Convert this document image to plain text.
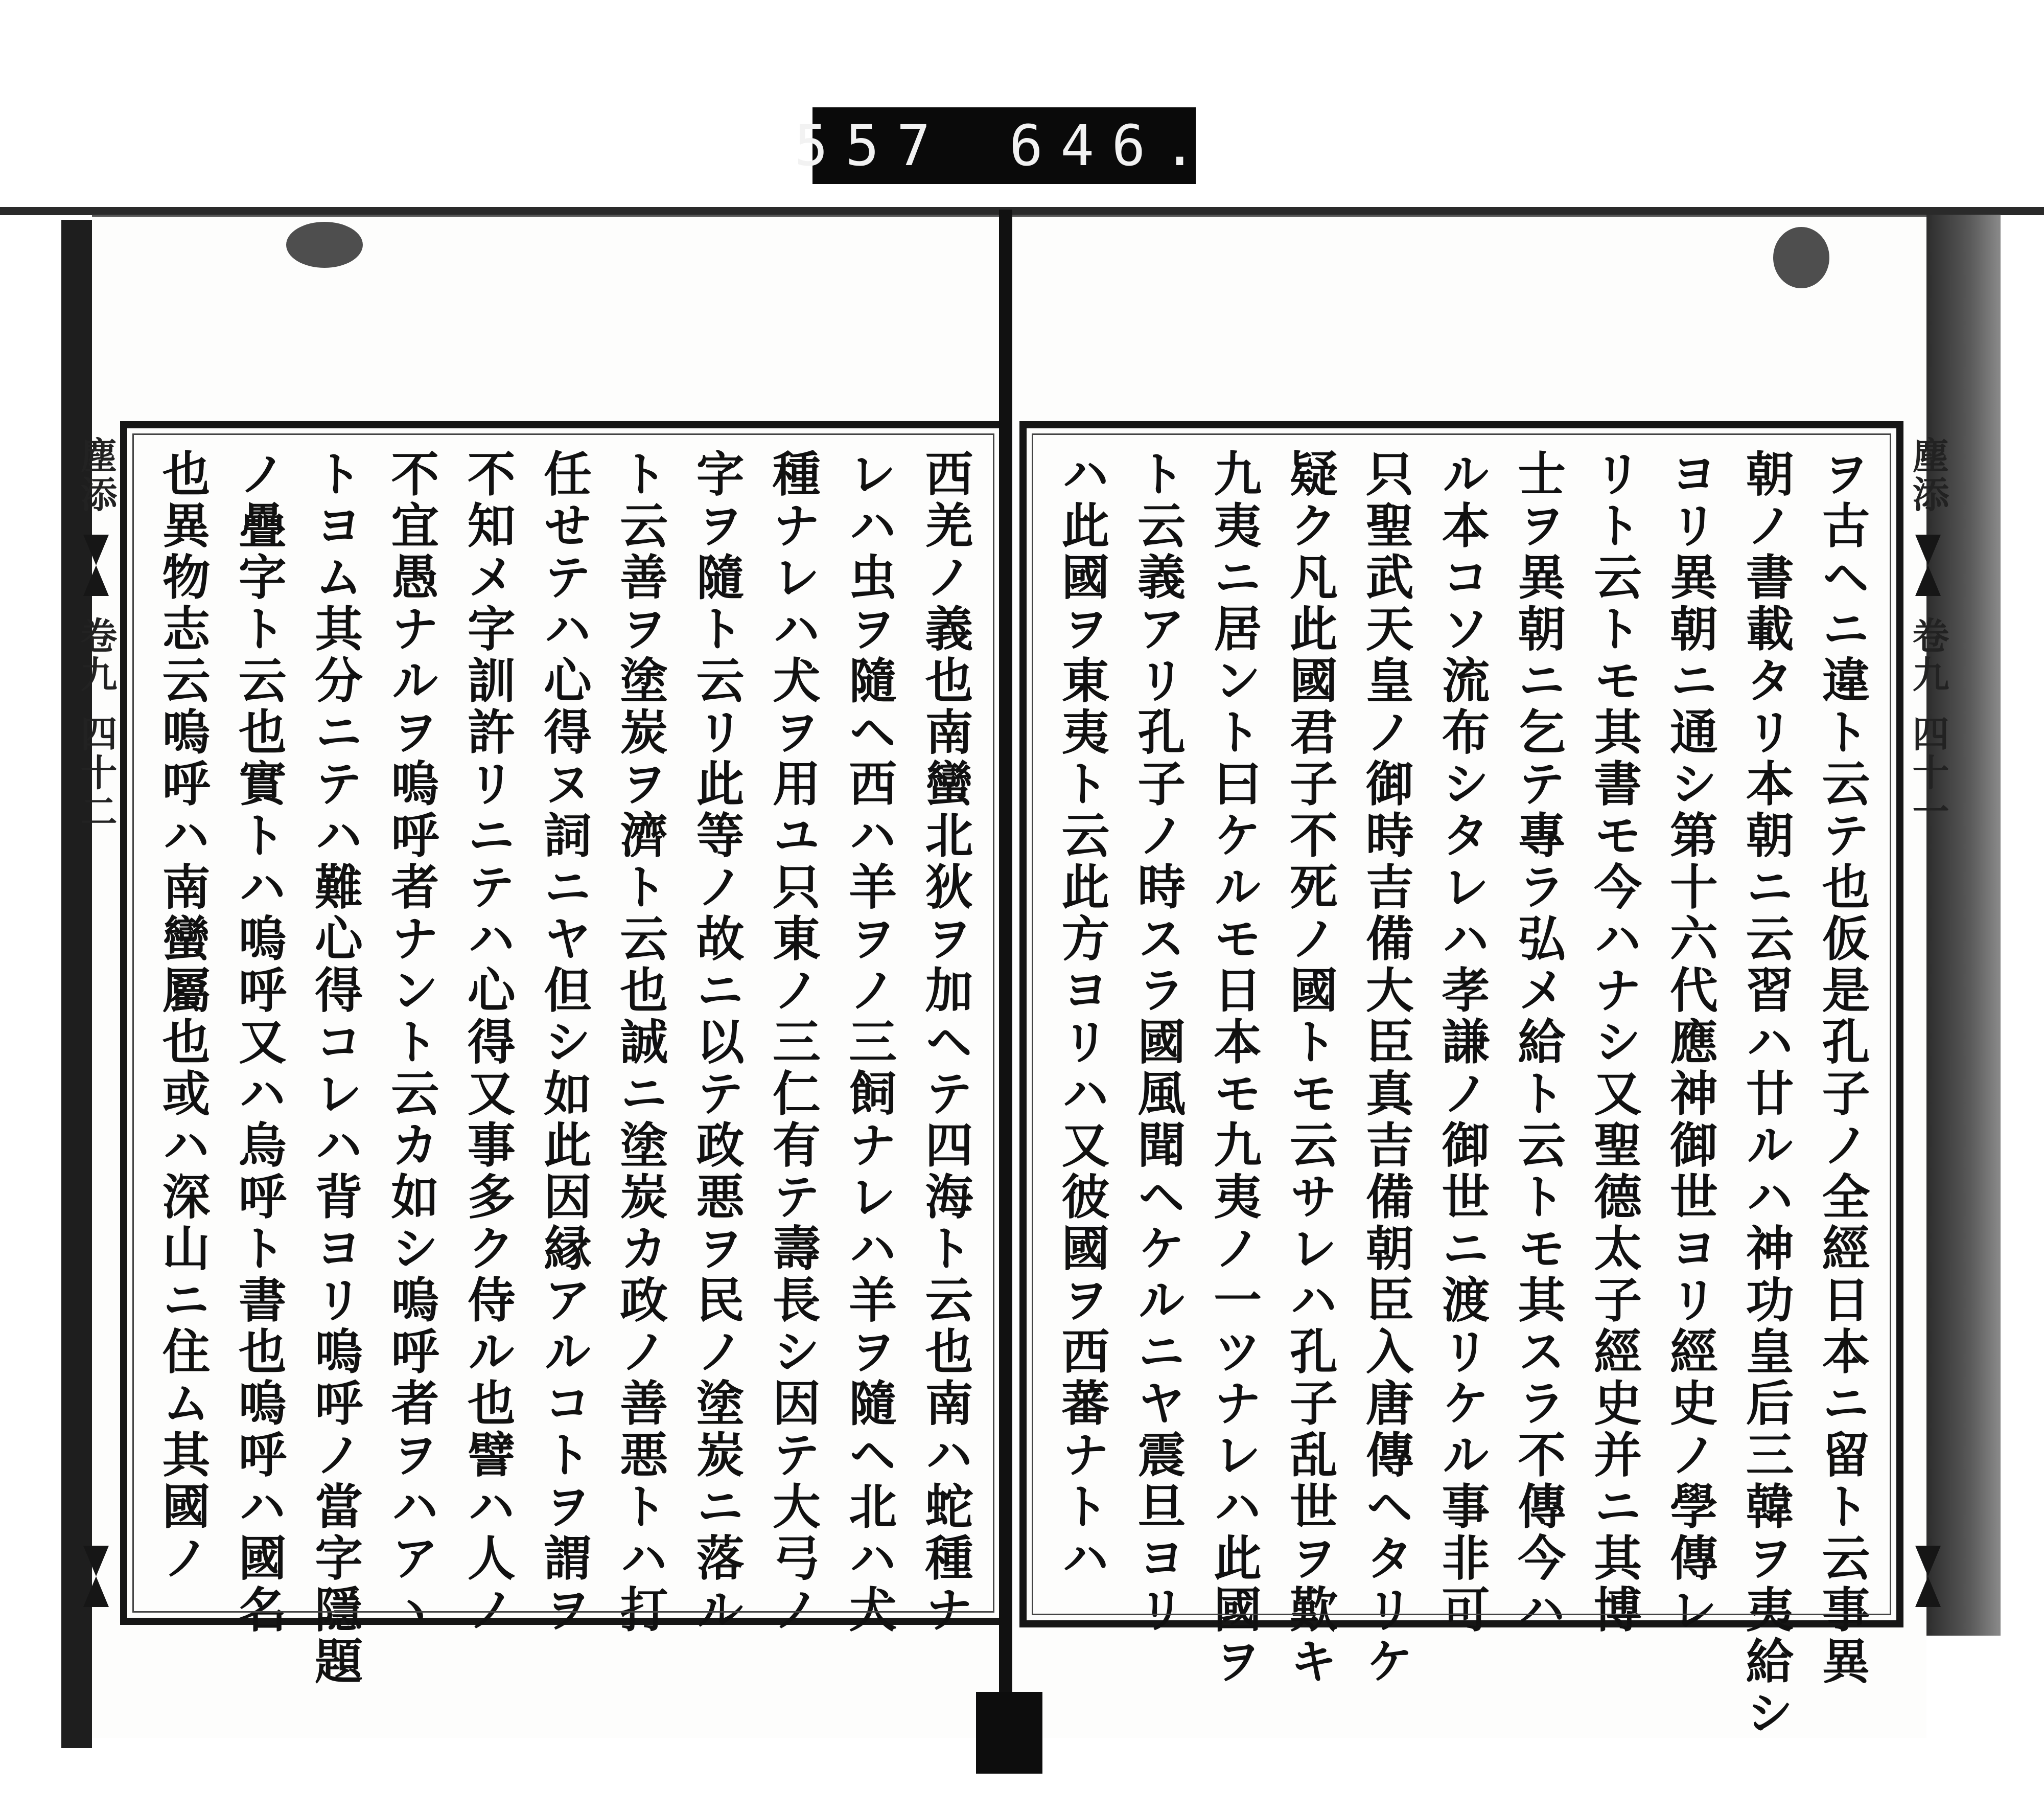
557 646.
西羌ノ義也南蠻北狄ヲ加ヘテ四海ト云也南ハ蛇種ナ
レハ虫ヲ隨ヘ西ハ羊ヲノ三飼ナレハ羊ヲ隨ヘ北ハ犬
種ナレハ犬ヲ用ユ只東ノ三仁有テ壽長シ因テ大弓ノ
字ヲ隨ト云リ此等ノ故ニ以テ政悪ヲ民ノ塗炭ニ落ル
ト云善ヲ塗炭ヲ濟ト云也誠ニ塗炭カ政ノ善悪トハ打
任せテハ心得ヌ詞ニヤ但シ如此因縁アルコトヲ謂ヲ
不知メ字訓許リニテハ心得又事多ク侍ル也譬ハ人ノ
不宜愚ナルヲ嗚呼者ナント云カ如シ嗚呼者ヲハアヽ
トヨム其分ニテハ難心得コレハ背ヨリ嗚呼ノ當字隱題
ノ疊字ト云也實トハ嗚呼又ハ烏呼ト書也嗚呼ハ國名
也異物志云嗚呼ハ南蠻屬也或ハ深山ニ住ム其國ノ
塵添
卷九
四十二	ヲ古ヘニ違ト云テ也仮是孔子ノ全經日本ニ留ト云事異
朝ノ書載タリ本朝ニ云習ハ廿ルハ神功皇后三韓ヲ夷給シ
ヨリ異朝ニ通シ第十六代應神御世ヨリ經史ノ學傳レ
リト云トモ其書モ今ハナシ又聖德太子經史并ニ其博
士ヲ異朝ニ乞テ專ラ弘メ給ト云トモ其スラ不傳今ハ
ル本コソ流布シタレハ孝謙ノ御世ニ渡リケル事非可
只聖武天皇ノ御時吉備大臣真吉備朝臣入唐傳ヘタリケ
疑ク凡此國君子不死ノ國トモ云サレハ孔子乱世ヲ歎キ
九夷ニ居ント曰ケルモ日本モ九夷ノ一ツナレハ此國ヲ
ト云義アリ孔子ノ時スラ國風聞ヘケルニヤ震旦ヨリ
ハ此國ヲ東夷ト云此方ヨリハ又彼國ヲ西蕃ナトハ	塵添
卷九
四十一
